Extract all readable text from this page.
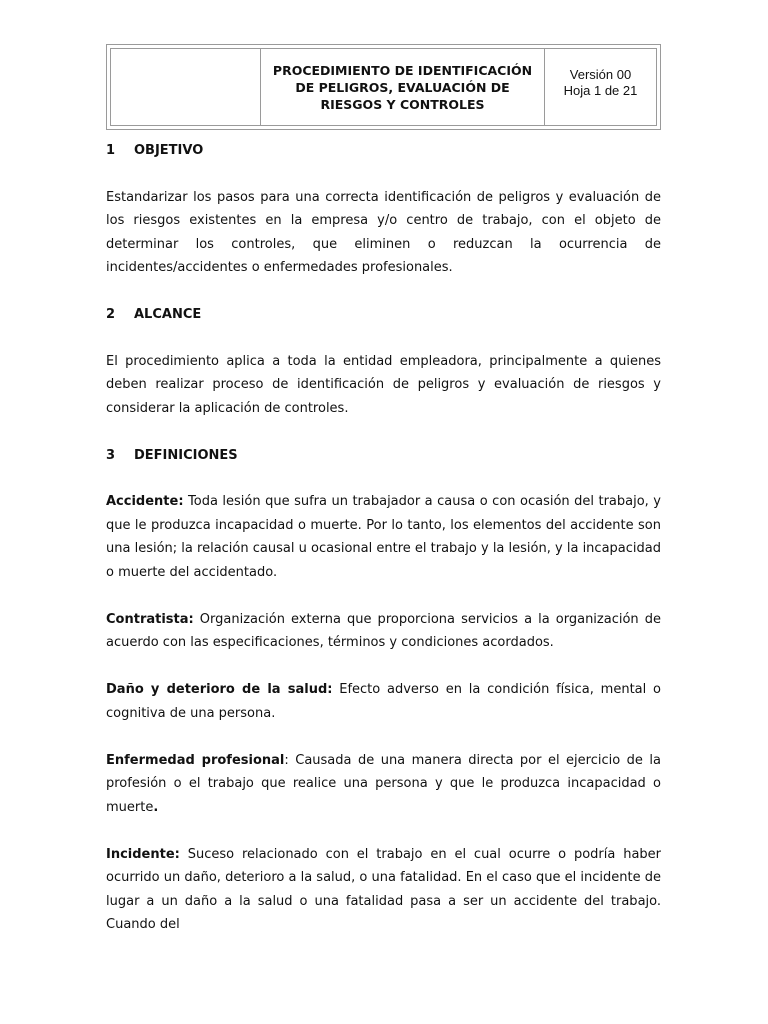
PROCEDIMIENTO DE IDENTIFICACIÓN DE PELIGROS, EVALUACIÓN DE RIESGOS Y CONTROLES
Versión 00
Hoja 1 de 21
1 OBJETIVO

Estandarizar los pasos para una correcta identificación de peligros y evaluación de los riesgos existentes en la empresa y/o centro de trabajo, con el objeto de determinar los controles, que eliminen o reduzcan la ocurrencia de incidentes/accidentes o enfermedades profesionales.

2 ALCANCE

El procedimiento aplica a toda la entidad empleadora, principalmente a quienes deben realizar proceso de identificación de peligros y evaluación de riesgos y considerar la aplicación de controles.

3 DEFINICIONES

Accidente: Toda lesión que sufra un trabajador a causa o con ocasión del trabajo, y que le produzca incapacidad o muerte. Por lo tanto, los elementos del accidente son una lesión; la relación causal u ocasional entre el trabajo y la lesión, y la incapacidad o muerte del accidentado.

Contratista: Organización externa que proporciona servicios a la organización de acuerdo con las especificaciones, términos y condiciones acordados.

Daño y deterioro de la salud: Efecto adverso en la condición física, mental o cognitiva de una persona.

Enfermedad profesional: Causada de una manera directa por el ejercicio de la profesión o el trabajo que realice una persona y que le produzca incapacidad o muerte.

Incidente: Suceso relacionado con el trabajo en el cual ocurre o podría haber ocurrido un daño, deterioro a la salud, o una fatalidad. En el caso que el incidente de lugar a un daño a la salud o una fatalidad pasa a ser un accidente del trabajo. Cuando del
